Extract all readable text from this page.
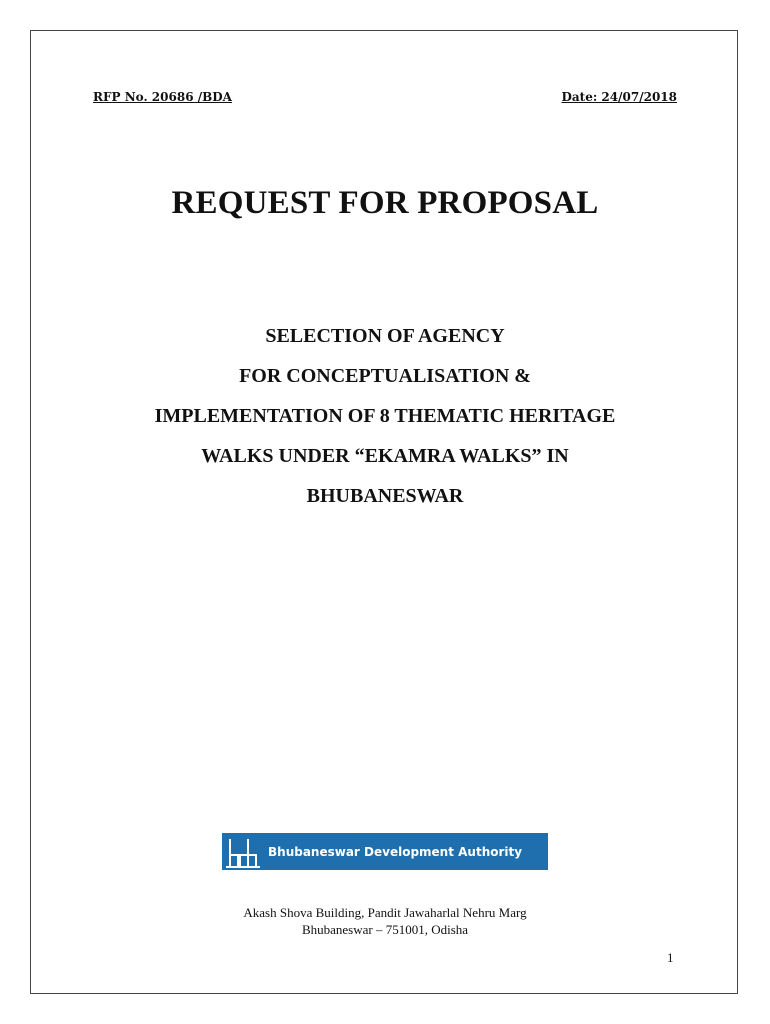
RFP No. 20686 /BDA	Date: 24/07/2018
REQUEST FOR PROPOSAL
SELECTION OF AGENCY
FOR CONCEPTUALISATION &
IMPLEMENTATION OF 8 THEMATIC HERITAGE
WALKS UNDER “EKAMRA WALKS” IN
BHUBANESWAR
Bhubaneswar Development Authority
Akash Shova Building, Pandit Jawaharlal Nehru Marg
Bhubaneswar – 751001, Odisha
1
